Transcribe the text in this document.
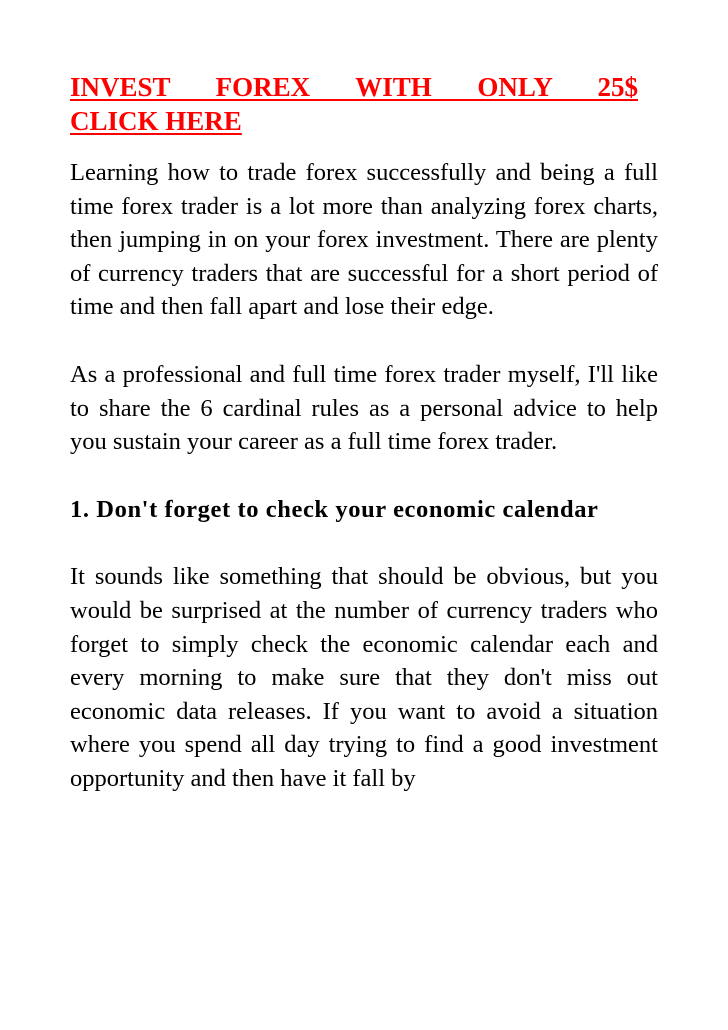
INVEST FOREX WITH ONLY 25$
CLICK HERE

Learning how to trade forex successfully and being a full time forex trader is a lot more than analyzing forex charts, then jumping in on your forex investment. There are plenty of currency traders that are successful for a short period of time and then fall apart and lose their edge.

As a professional and full time forex trader myself, I'll like to share the 6 cardinal rules as a personal advice to help you sustain your career as a full time forex trader.

1. Don't forget to check your economic calendar

It sounds like something that should be obvious, but you would be surprised at the number of currency traders who forget to simply check the economic calendar each and every morning to make sure that they don't miss out economic data releases. If you want to avoid a situation where you spend all day trying to find a good investment opportunity and then have it fall by
